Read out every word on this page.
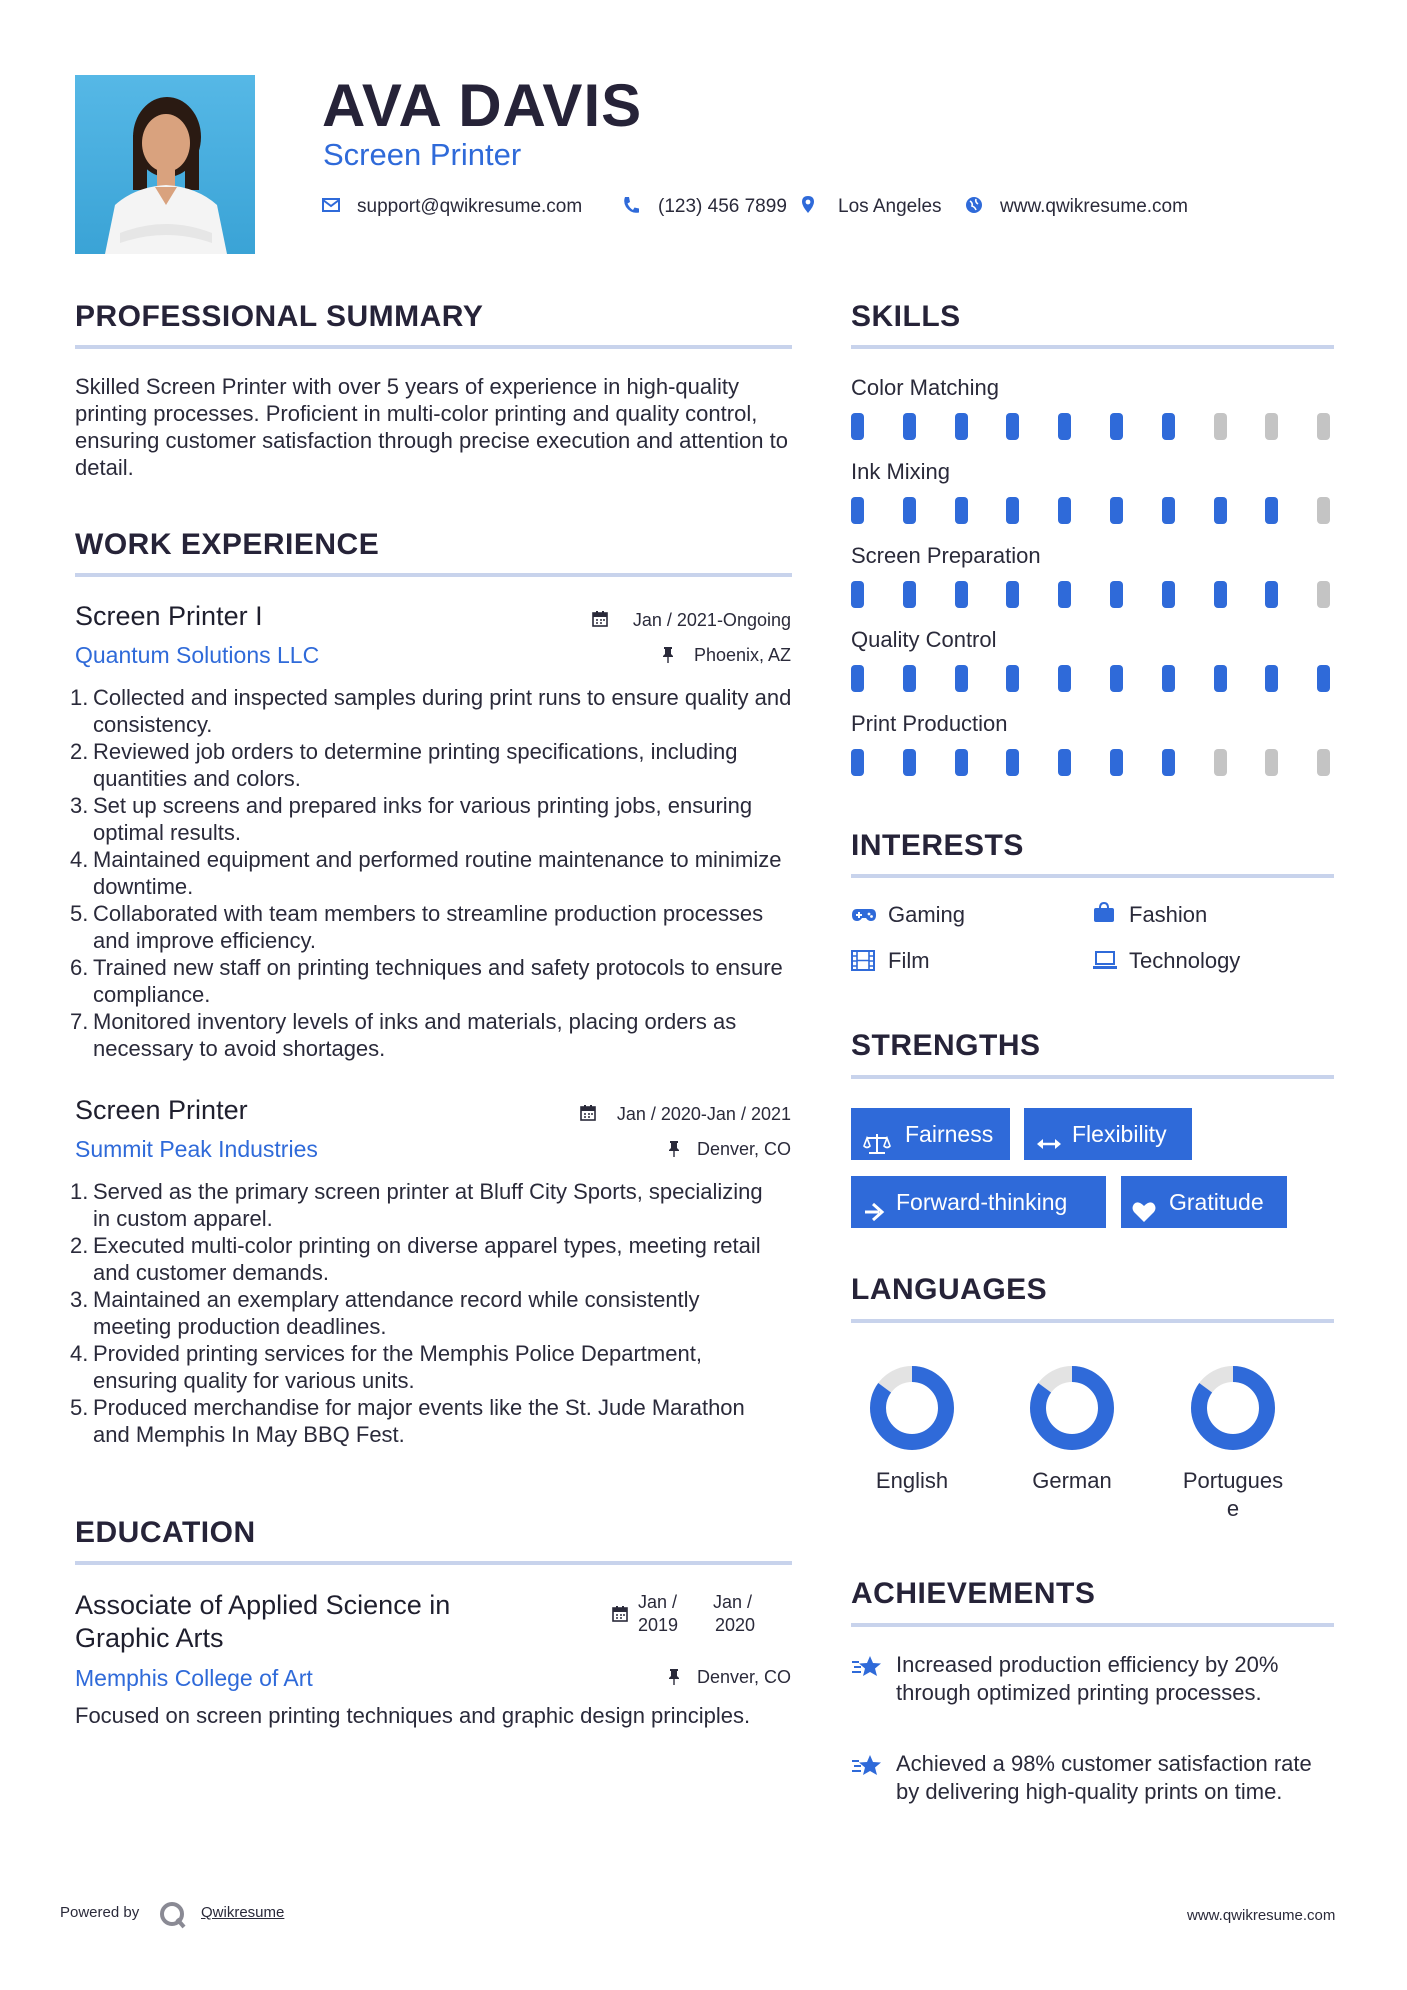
AVA DAVIS
Screen Printer
support@qwikresume.com	(123) 456 7899	Los Angeles	www.qwikresume.com
PROFESSIONAL SUMMARY
Skilled Screen Printer with over 5 years of experience in high-quality printing processes. Proficient in multi-color printing and quality control, ensuring customer satisfaction through precise execution and attention to detail.
WORK EXPERIENCE
Screen Printer I	Jan / 2021-Ongoing
Quantum Solutions LLC	Phoenix, AZ
1. Collected and inspected samples during print runs to ensure quality and consistency.
2. Reviewed job orders to determine printing specifications, including quantities and colors.
3. Set up screens and prepared inks for various printing jobs, ensuring optimal results.
4. Maintained equipment and performed routine maintenance to minimize downtime.
5. Collaborated with team members to streamline production processes and improve efficiency.
6. Trained new staff on printing techniques and safety protocols to ensure compliance.
7. Monitored inventory levels of inks and materials, placing orders as necessary to avoid shortages.
Screen Printer	Jan / 2020-Jan / 2021
Summit Peak Industries	Denver, CO
1. Served as the primary screen printer at Bluff City Sports, specializing in custom apparel.
2. Executed multi-color printing on diverse apparel types, meeting retail and customer demands.
3. Maintained an exemplary attendance record while consistently meeting production deadlines.
4. Provided printing services for the Memphis Police Department, ensuring quality for various units.
5. Produced merchandise for major events like the St. Jude Marathon and Memphis In May BBQ Fest.
EDUCATION
Associate of Applied Science in Graphic Arts
Jan /
2019
Jan /
2020
Memphis College of Art	Denver, CO
Focused on screen printing techniques and graphic design principles.
SKILLS
Color Matching
Ink Mixing
Screen Preparation
Quality Control
Print Production
INTERESTS
Gaming	Fashion
Film	Technology
STRENGTHS
Fairness	Flexibility
Forward-thinking	Gratitude
LANGUAGES
English	German	Portugues
e
ACHIEVEMENTS
Increased production efficiency by 20% through optimized printing processes.
Achieved a 98% customer satisfaction rate by delivering high-quality prints on time.
Powered by	Qwikresume	www.qwikresume.com
